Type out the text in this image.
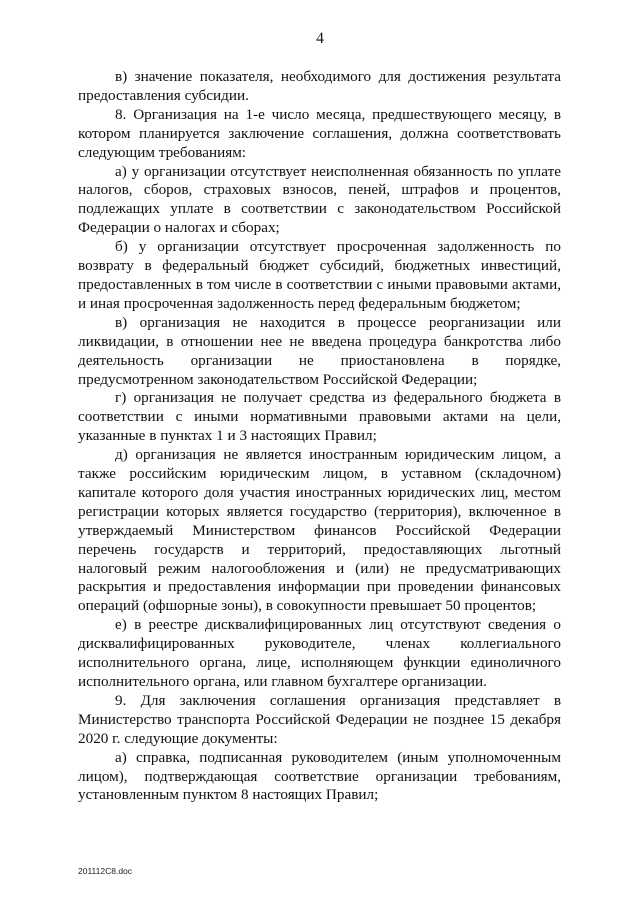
4

в) значение показателя, необходимого для достижения результата предоставления субсидии.

8. Организация на 1-е число месяца, предшествующего месяцу, в котором планируется заключение соглашения, должна соответствовать следующим требованиям:

а) у организации отсутствует неисполненная обязанность по уплате налогов, сборов, страховых взносов, пеней, штрафов и процентов, подлежащих уплате в соответствии с законодательством Российской Федерации о налогах и сборах;

б) у организации отсутствует просроченная задолженность по возврату в федеральный бюджет субсидий, бюджетных инвестиций, предоставленных в том числе в соответствии с иными правовыми актами, и иная просроченная задолженность перед федеральным бюджетом;

в) организация не находится в процессе реорганизации или ликвидации, в отношении нее не введена процедура банкротства либо деятельность организации не приостановлена в порядке, предусмотренном законодательством Российской Федерации;

г) организация не получает средства из федерального бюджета в соответствии с иными нормативными правовыми актами на цели, указанные в пунктах 1 и 3 настоящих Правил;

д) организация не является иностранным юридическим лицом, а также российским юридическим лицом, в уставном (складочном) капитале которого доля участия иностранных юридических лиц, местом регистрации которых является государство (территория), включенное в утверждаемый Министерством финансов Российской Федерации перечень государств и территорий, предоставляющих льготный налоговый режим налогообложения и (или) не предусматривающих раскрытия и предоставления информации при проведении финансовых операций (офшорные зоны), в совокупности превышает 50 процентов;

е) в реестре дисквалифицированных лиц отсутствуют сведения о дисквалифицированных руководителе, членах коллегиального исполнительного органа, лице, исполняющем функции единоличного исполнительного органа, или главном бухгалтере организации.

9. Для заключения соглашения организация представляет в Министерство транспорта Российской Федерации не позднее 15 декабря 2020 г. следующие документы:

а) справка, подписанная руководителем (иным уполномоченным лицом), подтверждающая соответствие организации требованиям, установленным пунктом 8 настоящих Правил;

201112C8.doc
